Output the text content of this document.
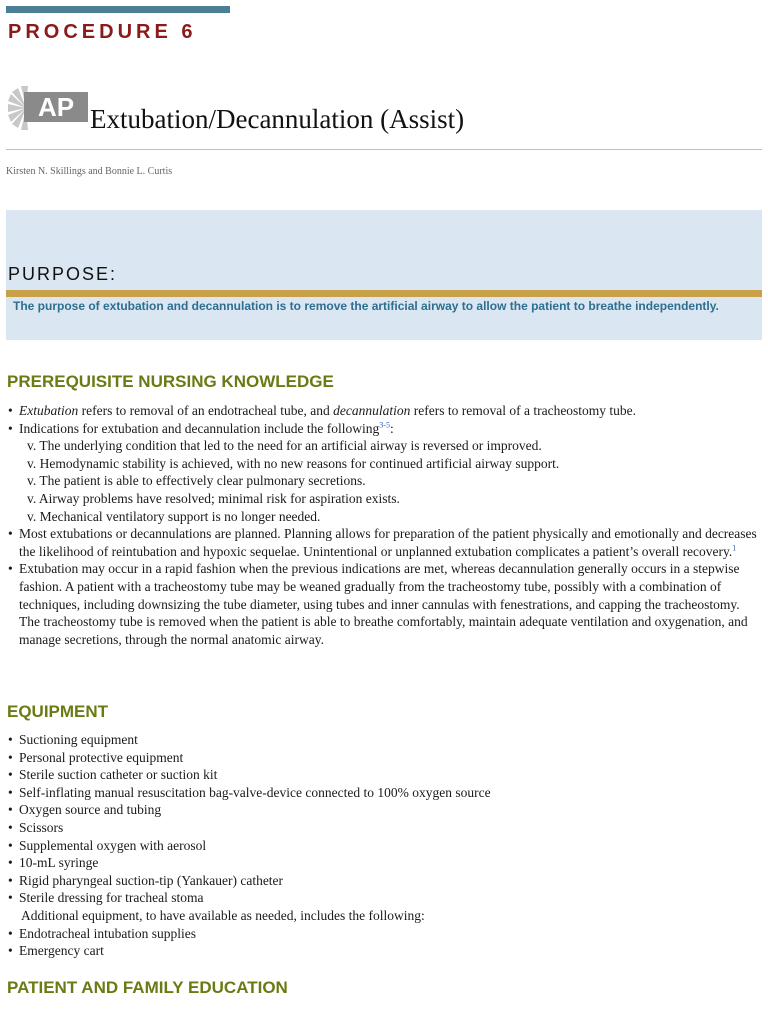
PROCEDURE 6
AP Extubation/Decannulation (Assist)
Kirsten N. Skillings and Bonnie L. Curtis
PURPOSE:
The purpose of extubation and decannulation is to remove the artificial airway to allow the patient to breathe independently.
PREREQUISITE NURSING KNOWLEDGE
• Extubation refers to removal of an endotracheal tube, and decannulation refers to removal of a tracheostomy tube.
• Indications for extubation and decannulation include the following$^{3-5}$:
v. The underlying condition that led to the need for an artificial airway is reversed or improved.
v. Hemodynamic stability is achieved, with no new reasons for continued artificial airway support.
v. The patient is able to effectively clear pulmonary secretions.
v. Airway problems have resolved; minimal risk for aspiration exists.
v. Mechanical ventilatory support is no longer needed.
• Most extubations or decannulations are planned. Planning allows for preparation of the patient physically and emotionally and decreases the likelihood of reintubation and hypoxic sequelae. Unintentional or unplanned extubation complicates a patient’s overall recovery.$^1$
• Extubation may occur in a rapid fashion when the previous indications are met, whereas decannulation generally occurs in a stepwise fashion. A patient with a tracheostomy tube may be weaned gradually from the tracheostomy tube, possibly with a combination of techniques, including downsizing the tube diameter, using tubes and inner cannulas with fenestrations, and capping the tracheostomy. The tracheostomy tube is removed when the patient is able to breathe comfortably, maintain adequate ventilation and oxygenation, and manage secretions, through the normal anatomic airway.
EQUIPMENT
• Suctioning equipment
• Personal protective equipment
• Sterile suction catheter or suction kit
• Self-inflating manual resuscitation bag-valve-device connected to 100% oxygen source
• Oxygen source and tubing
• Scissors
• Supplemental oxygen with aerosol
• 10-mL syringe
• Rigid pharyngeal suction-tip (Yankauer) catheter
• Sterile dressing for tracheal stoma
Additional equipment, to have available as needed, includes the following:
• Endotracheal intubation supplies
• Emergency cart
PATIENT AND FAMILY EDUCATION
